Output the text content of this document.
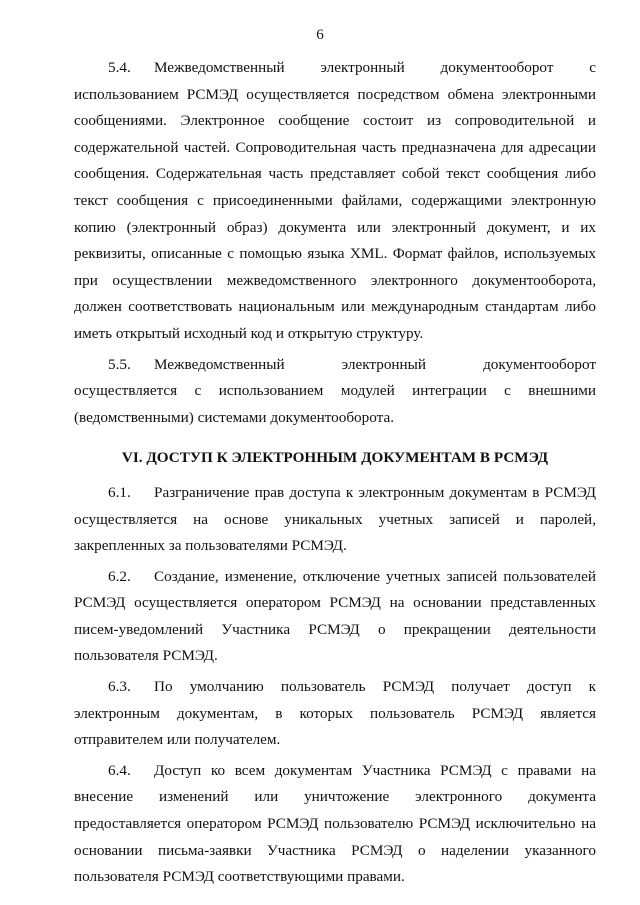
6

5.4. Межведомственный электронный документооборот с использованием РСМЭД осуществляется посредством обмена электронными сообщениями. Электронное сообщение состоит из сопроводительной и содержательной частей. Сопроводительная часть предназначена для адресации сообщения. Содержательная часть представляет собой текст сообщения либо текст сообщения с присоединенными файлами, содержащими электронную копию (электронный образ) документа или электронный документ, и их реквизиты, описанные с помощью языка XML. Формат файлов, используемых при осуществлении межведомственного электронного документооборота, должен соответствовать национальным или международным стандартам либо иметь открытый исходный код и открытую структуру.

5.5. Межведомственный электронный документооборот осуществляется с использованием модулей интеграции с внешними (ведомственными) системами документооборота.

VI. ДОСТУП К ЭЛЕКТРОННЫМ ДОКУМЕНТАМ В РСМЭД

6.1. Разграничение прав доступа к электронным документам в РСМЭД осуществляется на основе уникальных учетных записей и паролей, закрепленных за пользователями РСМЭД.

6.2. Создание, изменение, отключение учетных записей пользователей РСМЭД осуществляется оператором РСМЭД на основании представленных писем-уведомлений Участника РСМЭД о прекращении деятельности пользователя РСМЭД.

6.3. По умолчанию пользователь РСМЭД получает доступ к электронным документам, в которых пользователь РСМЭД является отправителем или получателем.

6.4. Доступ ко всем документам Участника РСМЭД с правами на внесение изменений или уничтожение электронного документа предоставляется оператором РСМЭД пользователю РСМЭД исключительно на основании письма-заявки Участника РСМЭД о наделении указанного пользователя РСМЭД соответствующими правами.
